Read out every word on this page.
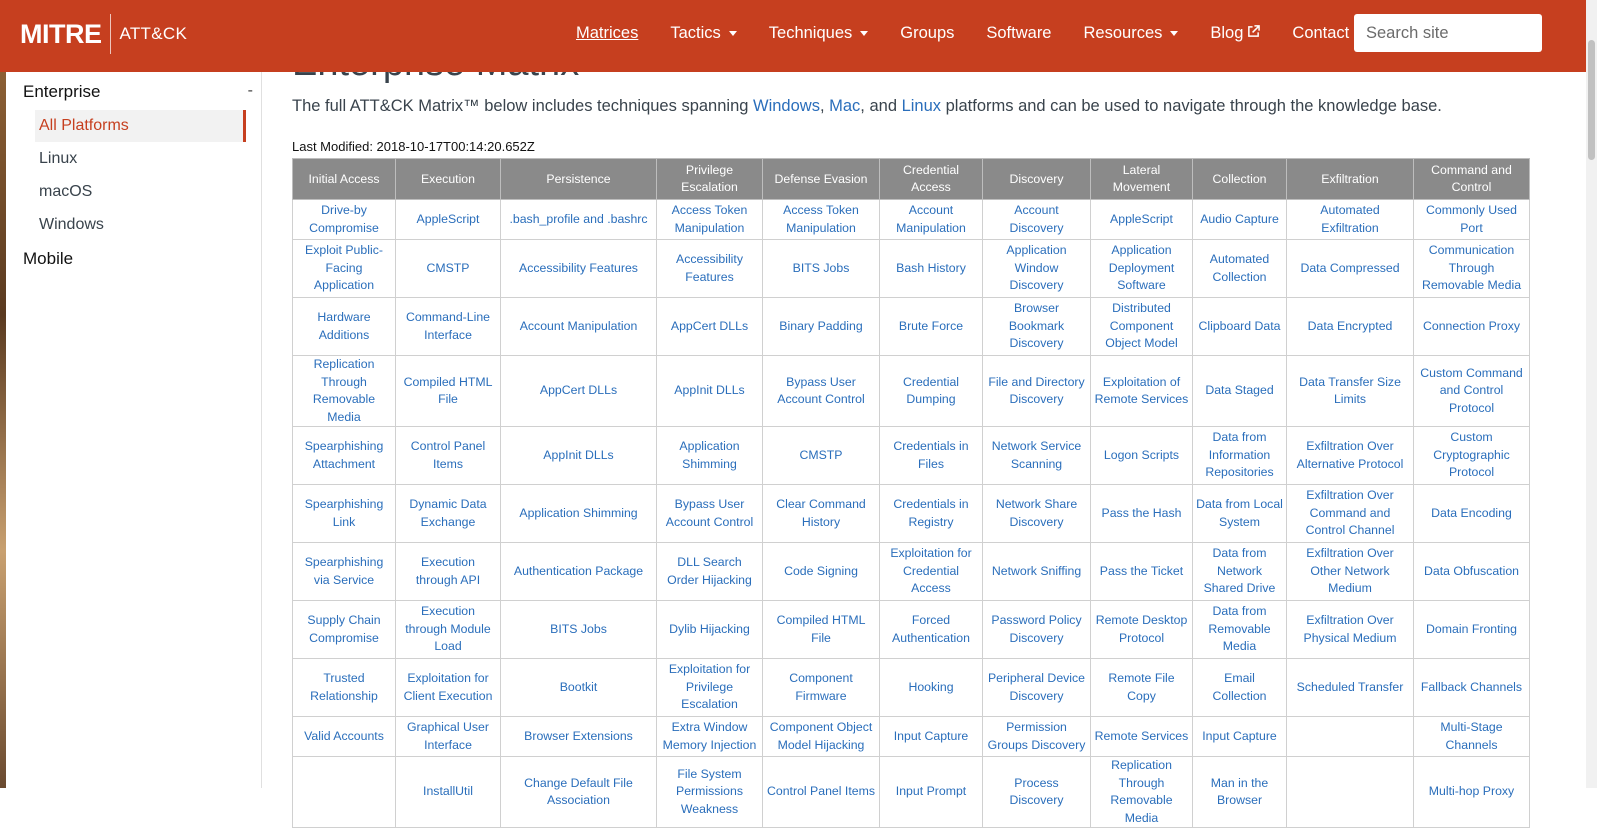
The full ATT&CK Matrix™ below includes techniques spanning Windows, Mac, and Linux platforms and can be used to navigate through the knowledge base.
Last Modified: 2018-10-17T00:14:20.652Z
Initial Access	Execution	Persistence	Privilege Escalation	Defense Evasion	Credential Access	Discovery	Lateral Movement	Collection	Exfiltration	Command and Control
Drive-by Compromise	AppleScript	.bash_profile and .bashrc	Access Token Manipulation	Access Token Manipulation	Account Manipulation	Account Discovery	AppleScript	Audio Capture	Automated Exfiltration	Commonly Used Port
Exploit Public-Facing Application	CMSTP	Accessibility Features	Accessibility Features	BITS Jobs	Bash History	Application Window Discovery	Application Deployment Software	Automated Collection	Data Compressed	Communication Through Removable Media
Hardware Additions	Command-Line Interface	Account Manipulation	AppCert DLLs	Binary Padding	Brute Force	Browser Bookmark Discovery	Distributed Component Object Model	Clipboard Data	Data Encrypted	Connection Proxy
Replication Through Removable Media	Compiled HTML File	AppCert DLLs	AppInit DLLs	Bypass User Account Control	Credential Dumping	File and Directory Discovery	Exploitation of Remote Services	Data Staged	Data Transfer Size Limits	Custom Command and Control Protocol
Spearphishing Attachment	Control Panel Items	AppInit DLLs	Application Shimming	CMSTP	Credentials in Files	Network Service Scanning	Logon Scripts	Data from Information Repositories	Exfiltration Over Alternative Protocol	Custom Cryptographic Protocol
Spearphishing Link	Dynamic Data Exchange	Application Shimming	Bypass User Account Control	Clear Command History	Credentials in Registry	Network Share Discovery	Pass the Hash	Data from Local System	Exfiltration Over Command and Control Channel	Data Encoding
Spearphishing via Service	Execution through API	Authentication Package	DLL Search Order Hijacking	Code Signing	Exploitation for Credential Access	Network Sniffing	Pass the Ticket	Data from Network Shared Drive	Exfiltration Over Other Network Medium	Data Obfuscation
Supply Chain Compromise	Execution through Module Load	BITS Jobs	Dylib Hijacking	Compiled HTML File	Forced Authentication	Password Policy Discovery	Remote Desktop Protocol	Data from Removable Media	Exfiltration Over Physical Medium	Domain Fronting
Trusted Relationship	Exploitation for Client Execution	Bootkit	Exploitation for Privilege Escalation	Component Firmware	Hooking	Peripheral Device Discovery	Remote File Copy	Email Collection	Scheduled Transfer	Fallback Channels
Valid Accounts	Graphical User Interface	Browser Extensions	Extra Window Memory Injection	Component Object Model Hijacking	Input Capture	Permission Groups Discovery	Remote Services	Input Capture		Multi-Stage Channels
	InstallUtil	Change Default File Association	File System Permissions Weakness	Control Panel Items	Input Prompt	Process Discovery	Replication Through Removable Media	Man in the Browser		Multi-hop Proxy
Enterprise	-
All Platforms
Linux
macOS
Windows
Mobile
MITRE ATT&CK	Matrices Tactics	Techniques	Groups Software Resources	Blog	Contact
Search site
